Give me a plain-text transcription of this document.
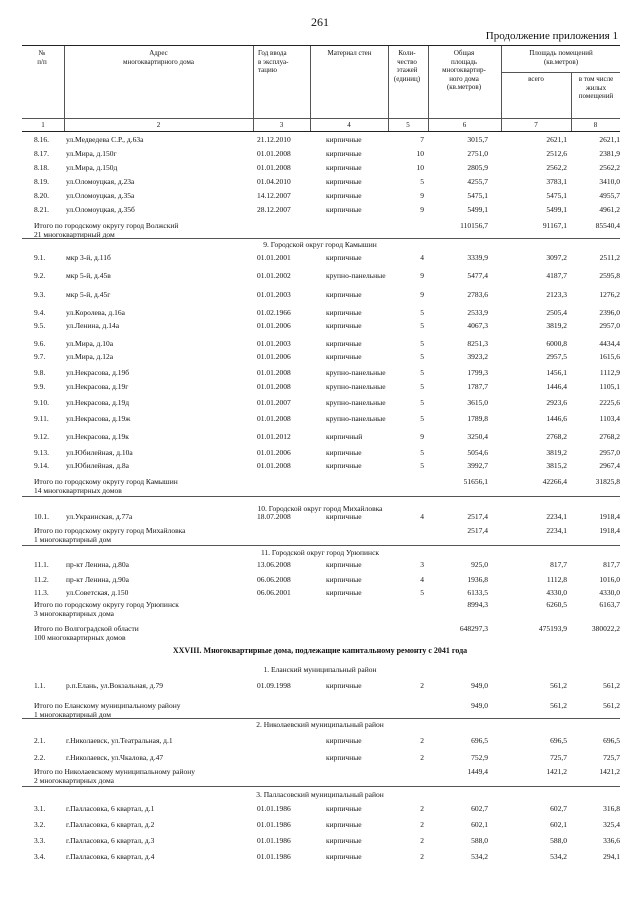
261
Продолжение приложения 1
№
п/п
Адрес
многоквартирного дома
Год ввода
в эксплуа-
тацию
Материал стен	Коли-
чество
этажей
(единиц)
Общая
площадь
многоквартир-
ного дома
(кв.метров)
Площадь помещений
(кв.метров)
всего	в том числе
жилых
помещений
1	2	3	4	5	6	7	8
8.16. ул.Медведева С.Р., д.63а	21.12.2010	кирпичные	7	3015,7	2621,1	2621,1
8.17. ул.Мира, д.150г	01.01.2008	кирпичные	10	2751,0	2512,6	2381,9
8.18. ул.Мира, д.150д	01.01.2008	кирпичные	10	2805,9	2562,2	2562,2
8.19. ул.Оломоуцкая, д.23а	01.04.2010	кирпичные	5	4255,7	3783,1	3410,0
8.20. ул.Оломоуцкая, д.35а	14.12.2007	кирпичные	9	5475,1	5475,1	4955,7
8.21. ул.Оломоуцкая, д.35б	28.12.2007	кирпичные	9	5499,1	5499,1	4961,2
Итого по городскому округу город Волжский
21 многоквартирный дом
110156,7	91167,1	85540,4
9. Городской округ город Камышин
9.1.	мкр 3-й, д.11б	01.01.2001	кирпичные	4	3339,9	3097,2	2511,2
9.2.	мкр 5-й, д.45в	01.01.2002	крупно-панельные	9	5477,4	4187,7	2595,8
9.3.	мкр 5-й, д.45г	01.01.2003	кирпичные	9	2783,6	2123,3	1276,2
9.4.	ул.Королева, д.16а	01.02.1966	кирпичные	5	2533,9	2505,4	2396,0
9.5.	ул.Ленина, д.14а	01.01.2006	кирпичные	5	4067,3	3819,2	2957,0
9.6.	ул.Мира, д.10а	01.01.2003	кирпичные	5	8251,3	6000,8	4434,4
9.7.	ул.Мира, д.12а	01.01.2006	кирпичные	5	3923,2	2957,5	1615,6
9.8.	ул.Некрасова, д.19б	01.01.2008	крупно-панельные	5	1799,3	1456,1	1112,9
9.9.	ул.Некрасова, д.19г	01.01.2008	крупно-панельные	5	1787,7	1446,4	1105,1
9.10. ул.Некрасова, д.19д	01.01.2007	крупно-панельные	5	3615,0	2923,6	2225,6
9.11. ул.Некрасова, д.19ж	01.01.2008	крупно-панельные	5	1789,8	1446,6	1103,4
9.12. ул.Некрасова, д.19к	01.01.2012	кирпичный	9	3250,4	2768,2	2768,2
9.13. ул.Юбилейная, д.10а	01.01.2006	кирпичные	5	5054,6	3819,2	2957,0
9.14. ул.Юбилейная, д.8а	01.01.2008	кирпичные	5	3992,7	3815,2	2967,4
Итого по городскому округу город Камышин
14 многоквартирных домов
51656,1	42266,4	31825,8
10. Городской округ город Михайловка
10.1. ул.Украинская, д.77а	18.07.2008	кирпичные	4	2517,4	2234,1	1918,4
Итого по городскому округу город Михайловка
1 многоквартирный дом
2517,4	2234,1	1918,4
11. Городской округ город Урюпинск
11.1. пр-кт Ленина, д.80а	13.06.2008	кирпичные	3	925,0	817,7	817,7
11.2. пр-кт Ленина, д.90а	06.06.2008	кирпичные	4	1936,8	1112,8	1016,0
11.3. ул.Советская, д.150	06.06.2001	кирпичные	5	6133,5	4330,0	4330,0
Итого по городскому округу город Урюпинск
3 многоквартирных дома
8994,3	6260,5	6163,7
Итого по Волгоградской области
100 многоквартирных домов
648297,3	475193,9	380022,2
XXVIII. Многоквартирные дома, подлежащие капитальному ремонту с 2041 года
1. Еланский муниципальный район
1.1.	р.п.Елань, ул.Вокзальная, д.79	01.09.1998	кирпичные	2	949,0	561,2	561,2
Итого по Еланскому муниципальному району
1 многоквартирный дом
949,0	561,2	561,2
2. Николаевский муниципальный район
2.1.	г.Николаевск, ул.Театральная, д.1	кирпичные	2	696,5	696,5	696,5
2.2.	г.Николаевск, ул.Чкалова, д.47	кирпичные	2	752,9	725,7	725,7
Итого по Николаевскому муниципальному району
2 многоквартирных дома
1449,4	1421,2	1421,2
3. Палласовский муниципальный район
3.1.	г.Палласовка, 6 квартал, д.1	01.01.1986	кирпичные	2	602,7	602,7	316,8
3.2.	г.Палласовка, 6 квартал, д.2	01.01.1986	кирпичные	2	602,1	602,1	325,4
3.3.	г.Палласовка, 6 квартал, д.3	01.01.1986	кирпичные	2	588,0	588,0	336,6
3.4.	г.Палласовка, 6 квартал, д.4	01.01.1986	кирпичные	2	534,2	534,2	294,1
